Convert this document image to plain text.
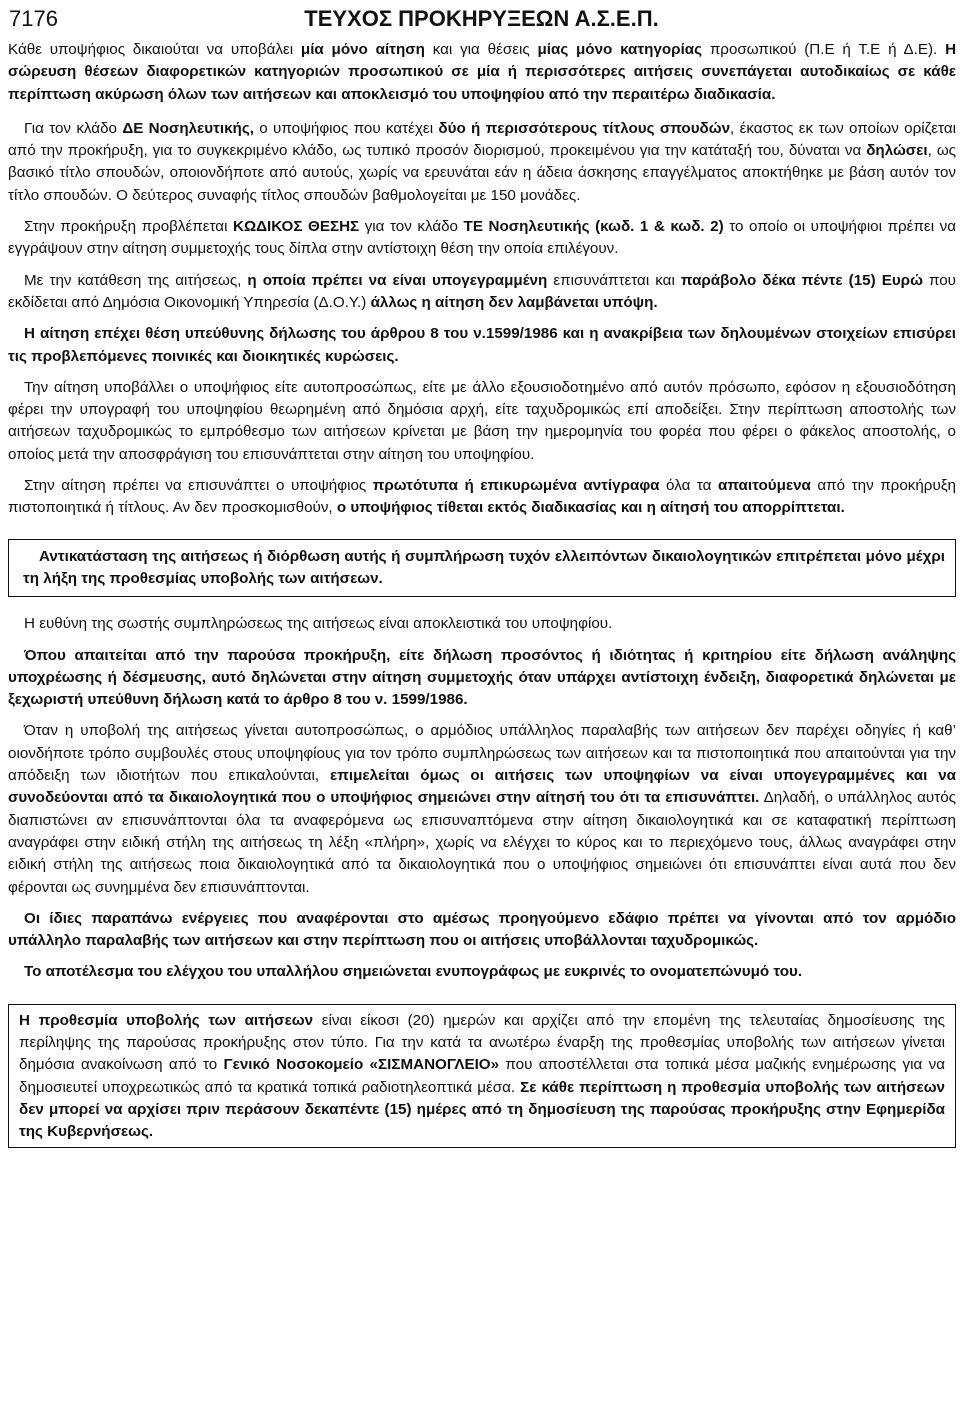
7176	ΤΕΥΧΟΣ ΠΡΟΚΗΡΥΞΕΩΝ Α.Σ.Ε.Π.

Κάθε υποψήφιος δικαιούται να υποβάλει μία μόνο αίτηση και για θέσεις μίας μόνο κατηγορίας προσωπικού (Π.Ε ή Τ.Ε ή Δ.Ε). Η σώρευση θέσεων διαφορετικών κατηγοριών προσωπικού σε μία ή περισσότερες αιτήσεις συνεπάγεται αυτοδικαίως σε κάθε περίπτωση ακύρωση όλων των αιτήσεων και αποκλεισμό του υποψηφίου από την περαιτέρω διαδικασία.

Για τον κλάδο ΔΕ Νοσηλευτικής, ο υποψήφιος που κατέχει δύο ή περισσότερους τίτλους σπουδών, έκαστος εκ των οποίων ορίζεται από την προκήρυξη, για το συγκεκριμένο κλάδο, ως τυπικό προσόν διορισμού, προκειμένου για την κατάταξή του, δύναται να δηλώσει, ως βασικό τίτλο σπουδών, οποιονδήποτε από αυτούς, χωρίς να ερευνάται εάν η άδεια άσκησης επαγγέλματος αποκτήθηκε με βάση αυτόν τον τίτλο σπουδών. Ο δεύτερος συναφής τίτλος σπουδών βαθμολογείται με 150 μονάδες.

Στην προκήρυξη προβλέπεται ΚΩΔΙΚΟΣ ΘΕΣΗΣ για τον κλάδο ΤΕ Νοσηλευτικής (κωδ. 1 & κωδ. 2) το οποίο οι υποψήφιοι πρέπει να εγγράψουν στην αίτηση συμμετοχής τους δίπλα στην αντίστοιχη θέση την οποία επιλέγουν.

Με την κατάθεση της αιτήσεως, η οποία πρέπει να είναι υπογεγραμμένη επισυνάπτεται και παράβολο δέκα πέντε (15) Ευρώ που εκδίδεται από Δημόσια Οικονομική Υπηρεσία (Δ.Ο.Υ.) άλλως η αίτηση δεν λαμβάνεται υπόψη.

Η αίτηση επέχει θέση υπεύθυνης δήλωσης του άρθρου 8 του ν.1599/1986 και η ανακρίβεια των δηλουμένων στοιχείων επισύρει τις προβλεπόμενες ποινικές και διοικητικές κυρώσεις.

Την αίτηση υποβάλλει ο υποψήφιος είτε αυτοπροσώπως, είτε με άλλο εξουσιοδοτημένο από αυτόν πρόσωπο, εφόσον η εξουσιοδότηση φέρει την υπογραφή του υποψηφίου θεωρημένη από δημόσια αρχή, είτε ταχυδρομικώς επί αποδείξει. Στην περίπτωση αποστολής των αιτήσεων ταχυδρομικώς το εμπρόθεσμο των αιτήσεων κρίνεται με βάση την ημερομηνία του φορέα που φέρει ο φάκελος αποστολής, ο οποίος μετά την αποσφράγιση του επισυνάπτεται στην αίτηση του υποψηφίου.

Στην αίτηση πρέπει να επισυνάπτει ο υποψήφιος πρωτότυπα ή επικυρωμένα αντίγραφα όλα τα απαιτούμενα από την προκήρυξη πιστοποιητικά ή τίτλους. Αν δεν προσκομισθούν, ο υποψήφιος τίθεται εκτός διαδικασίας και η αίτησή του απορρίπτεται.

Αντικατάσταση της αιτήσεως ή διόρθωση αυτής ή συμπλήρωση τυχόν ελλειπόντων δικαιολογητικών επιτρέπεται μόνο μέχρι τη λήξη της προθεσμίας υποβολής των αιτήσεων.

Η ευθύνη της σωστής συμπληρώσεως της αιτήσεως είναι αποκλειστικά του υποψηφίου.

Όπου απαιτείται από την παρούσα προκήρυξη, είτε δήλωση προσόντος ή ιδιότητας ή κριτηρίου είτε δήλωση ανάληψης υποχρέωσης ή δέσμευσης, αυτό δηλώνεται στην αίτηση συμμετοχής όταν υπάρχει αντίστοιχη ένδειξη, διαφορετικά δηλώνεται με ξεχωριστή υπεύθυνη δήλωση κατά το άρθρο 8 του ν. 1599/1986.

Όταν η υποβολή της αιτήσεως γίνεται αυτοπροσώπως, ο αρμόδιος υπάλληλος παραλαβής των αιτήσεων δεν παρέχει οδηγίες ή καθ’ οιονδήποτε τρόπο συμβουλές στους υποψηφίους για τον τρόπο συμπληρώσεως των αιτήσεων και τα πιστοποιητικά που απαιτούνται για την απόδειξη των ιδιοτήτων που επικαλούνται, επιμελείται όμως οι αιτήσεις των υποψηφίων να είναι υπογεγραμμένες και να συνοδεύονται από τα δικαιολογητικά που ο υποψήφιος σημειώνει στην αίτησή του ότι τα επισυνάπτει. Δηλαδή, ο υπάλληλος αυτός διαπιστώνει αν επισυνάπτονται όλα τα αναφερόμενα ως επισυναπτόμενα στην αίτηση δικαιολογητικά και σε καταφατική περίπτωση αναγράφει στην ειδική στήλη της αιτήσεως τη λέξη «πλήρη», χωρίς να ελέγχει το κύρος και το περιεχόμενο τους, άλλως αναγράφει στην ειδική στήλη της αιτήσεως ποια δικαιολογητικά από τα δικαιολογητικά που ο υποψήφιος σημειώνει ότι επισυνάπτει είναι αυτά που δεν φέρονται ως συνημμένα δεν επισυνάπτονται.

Οι ίδιες παραπάνω ενέργειες που αναφέρονται στο αμέσως προηγούμενο εδάφιο πρέπει να γίνονται από τον αρμόδιο υπάλληλο παραλαβής των αιτήσεων και στην περίπτωση που οι αιτήσεις υποβάλλονται ταχυδρομικώς.

Το αποτέλεσμα του ελέγχου του υπαλλήλου σημειώνεται ενυπογράφως με ευκρινές το ονοματεπώνυμό του.

Η προθεσμία υποβολής των αιτήσεων είναι είκοσι (20) ημερών και αρχίζει από την επομένη της τελευταίας δημοσίευσης της περίληψης της παρούσας προκήρυξης στον τύπο. Για την κατά τα ανωτέρω έναρξη της προθεσμίας υποβολής των αιτήσεων γίνεται δημόσια ανακοίνωση από το Γενικό Νοσοκομείο «ΣΙΣΜΑΝΟΓΛΕΙΟ» που αποστέλλεται στα τοπικά μέσα μαζικής ενημέρωσης για να δημοσιευτεί υποχρεωτικώς από τα κρατικά τοπικά ραδιοτηλεοπτικά μέσα. Σε κάθε περίπτωση η προθεσμία υποβολής των αιτήσεων δεν μπορεί να αρχίσει πριν περάσουν δεκαπέντε (15) ημέρες από τη δημοσίευση της παρούσας προκήρυξης στην Εφημερίδα της Κυβερνήσεως.
